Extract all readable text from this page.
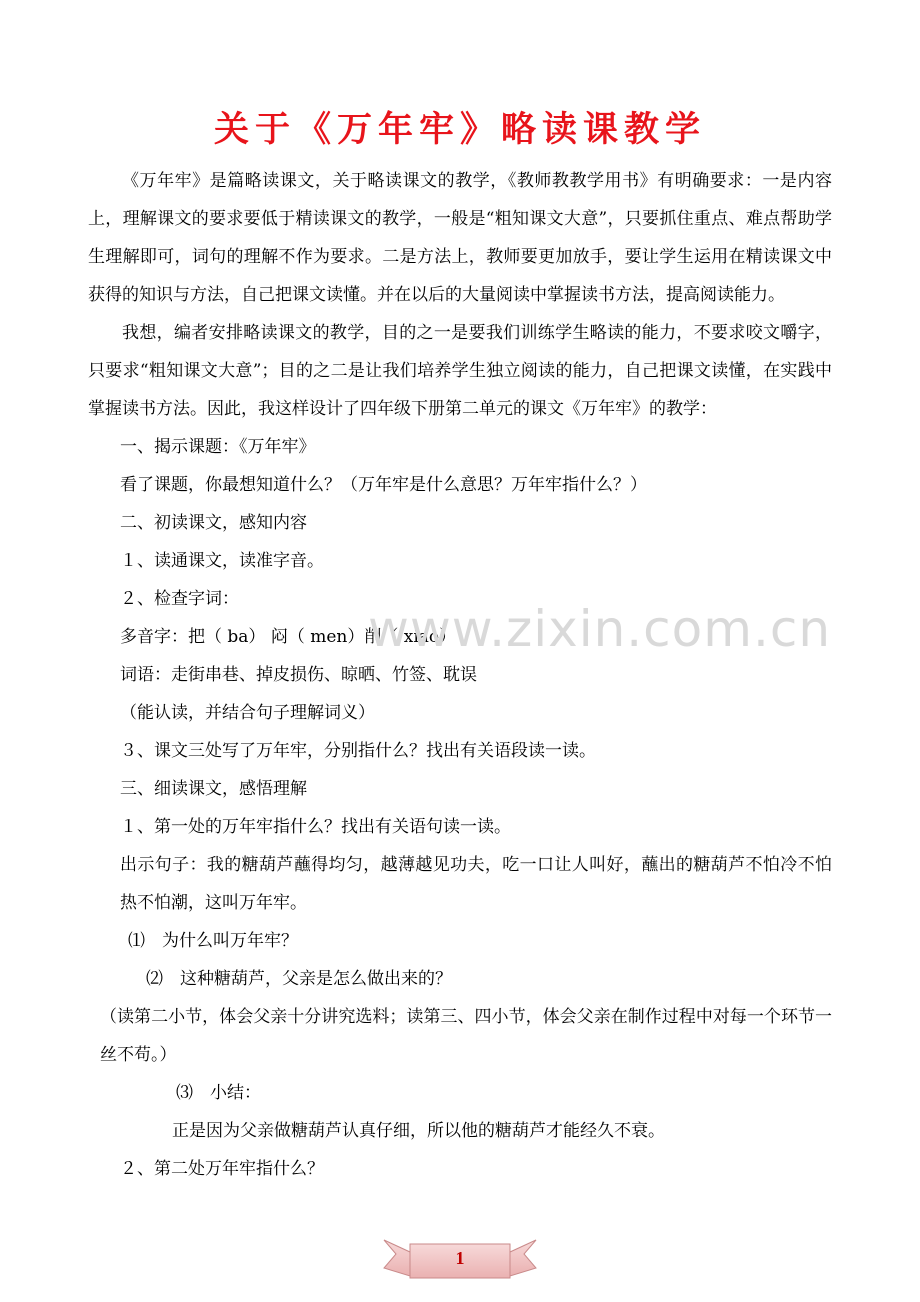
关于《万年牢》略读课教学

《万年牢》是篇略读课文，关于略读课文的教学，《教师教教学用书》有明确要求：一是内容上，理解课文的要求要低于精读课文的教学，一般是“粗知课文大意”，只要抓住重点、难点帮助学生理解即可，词句的理解不作为要求。二是方法上，教师要更加放手，要让学生运用在精读课文中获得的知识与方法，自己把课文读懂。并在以后的大量阅读中掌握读书方法，提高阅读能力。

我想，编者安排略读课文的教学，目的之一是要我们训练学生略读的能力，不要求咬文嚼字，只要求“粗知课文大意”；目的之二是让我们培养学生独立阅读的能力，自己把课文读懂，在实践中掌握读书方法。因此，我这样设计了四年级下册第二单元的课文《万年牢》的教学：

一、揭示课题：《万年牢》

看了课题，你最想知道什么？（万年牢是什么意思？万年牢指什么？）

二、初读课文，感知内容

１、读通课文，读准字音。

２、检查字词：

多音字：把（ ba） 闷（ men）削（ xiao）

词语：走街串巷、掉皮损伤、晾晒、竹签、耽误

（能认读，并结合句子理解词义）

３、课文三处写了万年牢，分别指什么？找出有关语段读一读。

三、细读课文，感悟理解

１、第一处的万年牢指什么？找出有关语句读一读。

出示句子：我的糖葫芦蘸得均匀，越薄越见功夫，吃一口让人叫好，蘸出的糖葫芦不怕冷不怕热不怕潮，这叫万年牢。

⑴　为什么叫万年牢？

⑵　这种糖葫芦，父亲是怎么做出来的？

（读第二小节，体会父亲十分讲究选料；读第三、四小节，体会父亲在制作过程中对每一个环节一丝不苟。）

⑶　小结：

正是因为父亲做糖葫芦认真仔细，所以他的糖葫芦才能经久不衰。

２、第二处万年牢指什么？

www.zixin.com.cn
1
